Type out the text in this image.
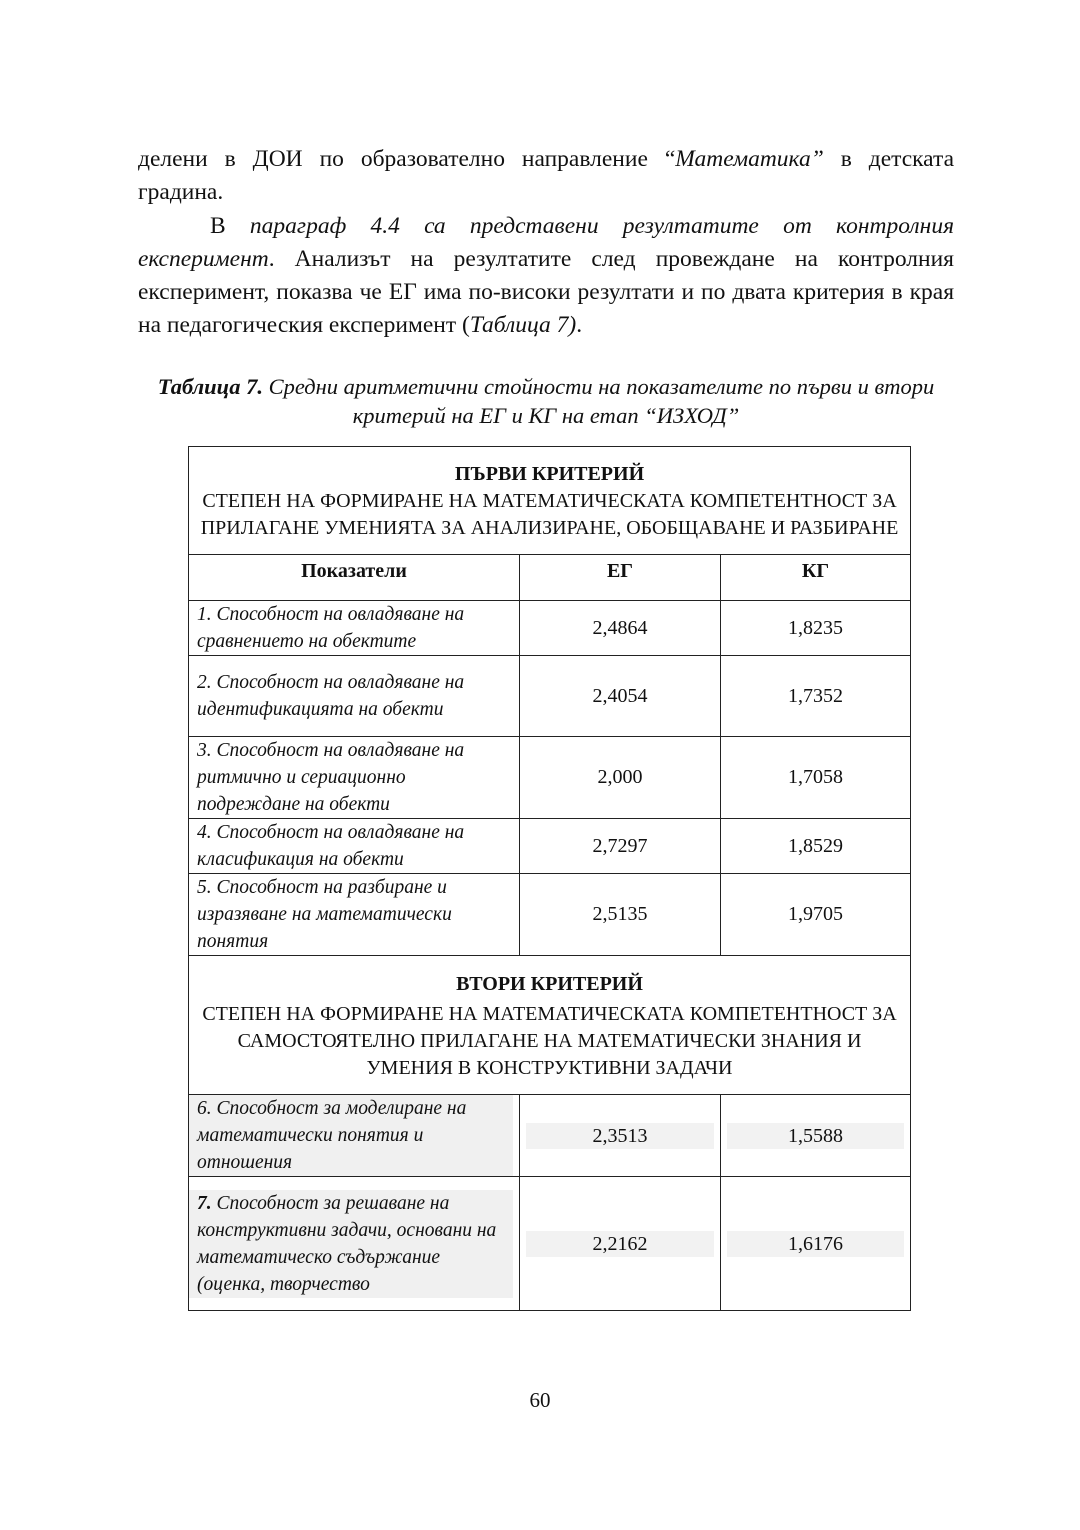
делени в ДОИ по образователно направление “Математика” в детската градина.

В параграф 4.4 са представени резултатите от контролния експеримент. Анализът на резултатите след провеждане на контролния експеримент, показва че ЕГ има по-високи резултати и по двата критерия в края на педагогическия експеримент (Таблица 7).

Таблица 7. Средни аритметични стойности на показателите по първи и втори критерий на ЕГ и КГ на етап “ИЗХОД”

ПЪРВИ КРИТЕРИЙ
СТЕПЕН НА ФОРМИРАНЕ НА МАТЕМАТИЧЕСКАТА КОМПЕТЕНТНОСТ ЗА ПРИЛАГАНЕ УМЕНИЯТА ЗА АНАЛИЗИРАНЕ, ОБОБЩАВАНЕ И РАЗБИРАНЕ		

Показатели	ЕГ	КГ
1. Способност на овладяване на сравнението на обектите	2,4864	1,8235
2. Способност на овладяване на идентификацията на обекти	2,4054	1,7352
3. Способност на овладяване на ритмично и сериационно подреждане на обекти	2,000	1,7058
4. Способност на овладяване на класификация на обекти	2,7297	1,8529
5. Способност на разбиране и изразяване на математически понятия	2,5135	1,9705

ВТОРИ КРИТЕРИЙ
СТЕПЕН НА ФОРМИРАНЕ НА МАТЕМАТИЧЕСКАТА КОМПЕТЕНТНОСТ ЗА САМОСТОЯТЕЛНО ПРИЛАГАНЕ НА МАТЕМАТИЧЕСКИ ЗНАНИЯ И УМЕНИЯ В КОНСТРУКТИВНИ ЗАДАЧИ		

6. Способност за моделиране на математически понятия и отношения	2,3513	1,5588

7. Способност за решаване на конструктивни задачи, основани на математическо съдържание (оценка, творчество	2,2162	1,6176
60
